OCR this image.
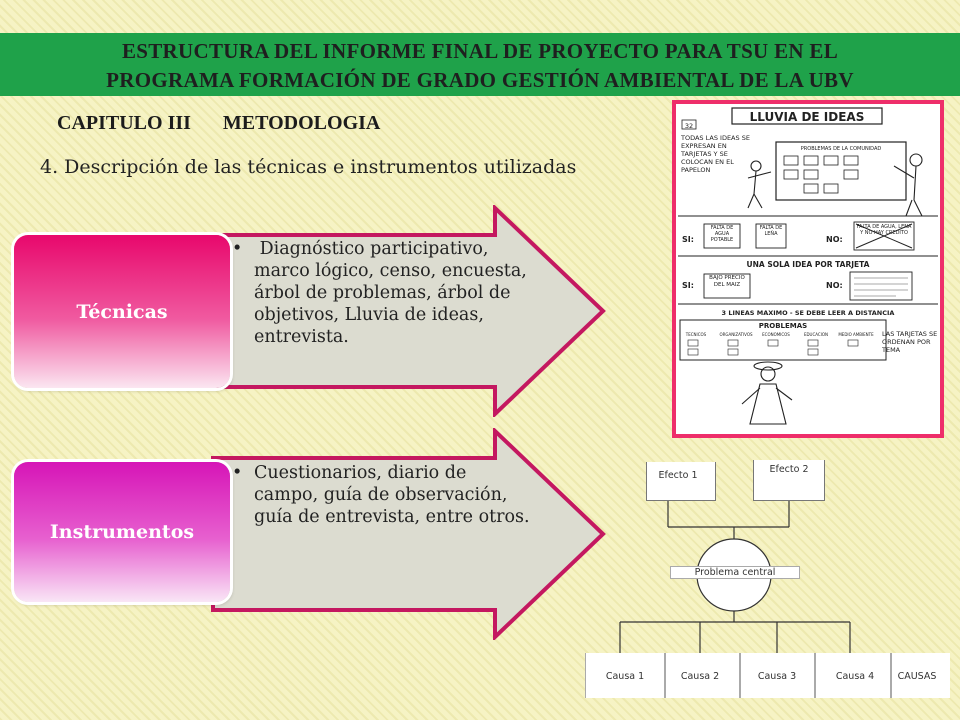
ESTRUCTURA DEL INFORME FINAL DE PROYECTO PARA TSU EN EL
PROGRAMA FORMACIÓN DE GRADO GESTIÓN AMBIENTAL DE LA UBV
CAPITULO III METODOLOGIA
4. Descripción de las técnicas e instrumentos utilizadas
Técnicas
Instrumentos
• Diagnóstico participativo, marco lógico, censo, encuesta, árbol de problemas, árbol de objetivos, Lluvia de ideas, entrevista.
• Cuestionarios, diario de campo, guía de observación, guía de entrevista, entre otros.
LLUVIA DE IDEAS
32
TODAS LAS IDEAS SE EXPRESAN EN TARJETAS Y SE COLOCAN EN EL PAPELON
PROBLEMAS DE LA COMUNIDAD
SI:
FALTA DE AGUA POTABLE
FALTA DE LEÑA
NO:
FALTA DE AGUA, LEÑA Y NO HAY CREDITO
UNA SOLA IDEA POR TARJETA
SI:
BAJO PRECIO DEL MAIZ	NO:
3 LINEAS MAXIMO - SE DEBE LEER A DISTANCIA
PROBLEMAS
TECNICOS	ORGANIZATIVOS ECONOMICOS	EDUCACION	MEDIO AMBIENTE LAS TARJETAS SE ORDENAN POR TEMA
Efecto 1
Efecto 2
Problema central
Causa 1	Causa 2	Causa 3	Causa 4	CAUSAS
